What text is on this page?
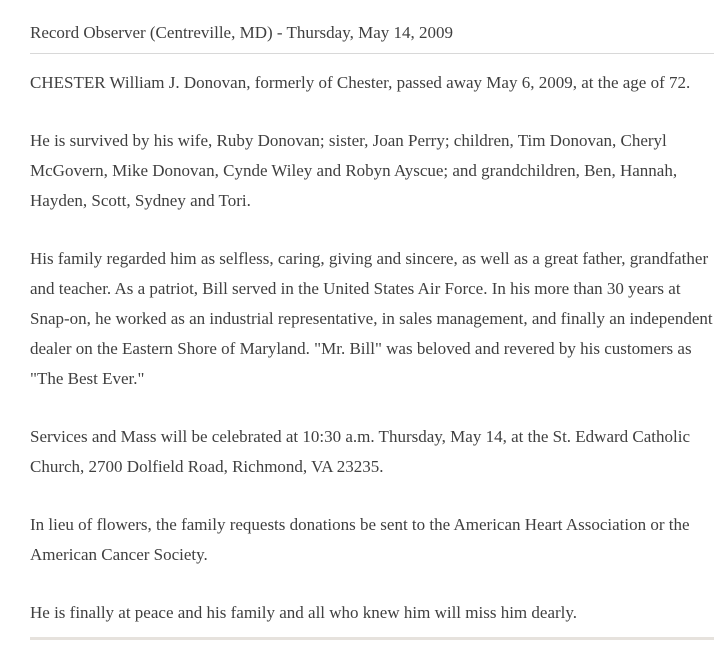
Record Observer (Centreville, MD) - Thursday, May 14, 2009

CHESTER William J. Donovan, formerly of Chester, passed away May 6, 2009, at the age of 72.

He is survived by his wife, Ruby Donovan; sister, Joan Perry; children, Tim Donovan, Cheryl McGovern, Mike Donovan, Cynde Wiley and Robyn Ayscue; and grandchildren, Ben, Hannah, Hayden, Scott, Sydney and Tori.

His family regarded him as selfless, caring, giving and sincere, as well as a great father, grandfather and teacher. As a patriot, Bill served in the United States Air Force. In his more than 30 years at Snap-on, he worked as an industrial representative, in sales management, and finally an independent dealer on the Eastern Shore of Maryland. "Mr. Bill" was beloved and revered by his customers as "The Best Ever."

Services and Mass will be celebrated at 10:30 a.m. Thursday, May 14, at the St. Edward Catholic Church, 2700 Dolfield Road, Richmond, VA 23235.

In lieu of flowers, the family requests donations be sent to the American Heart Association or the American Cancer Society.

He is finally at peace and his family and all who knew him will miss him dearly.
